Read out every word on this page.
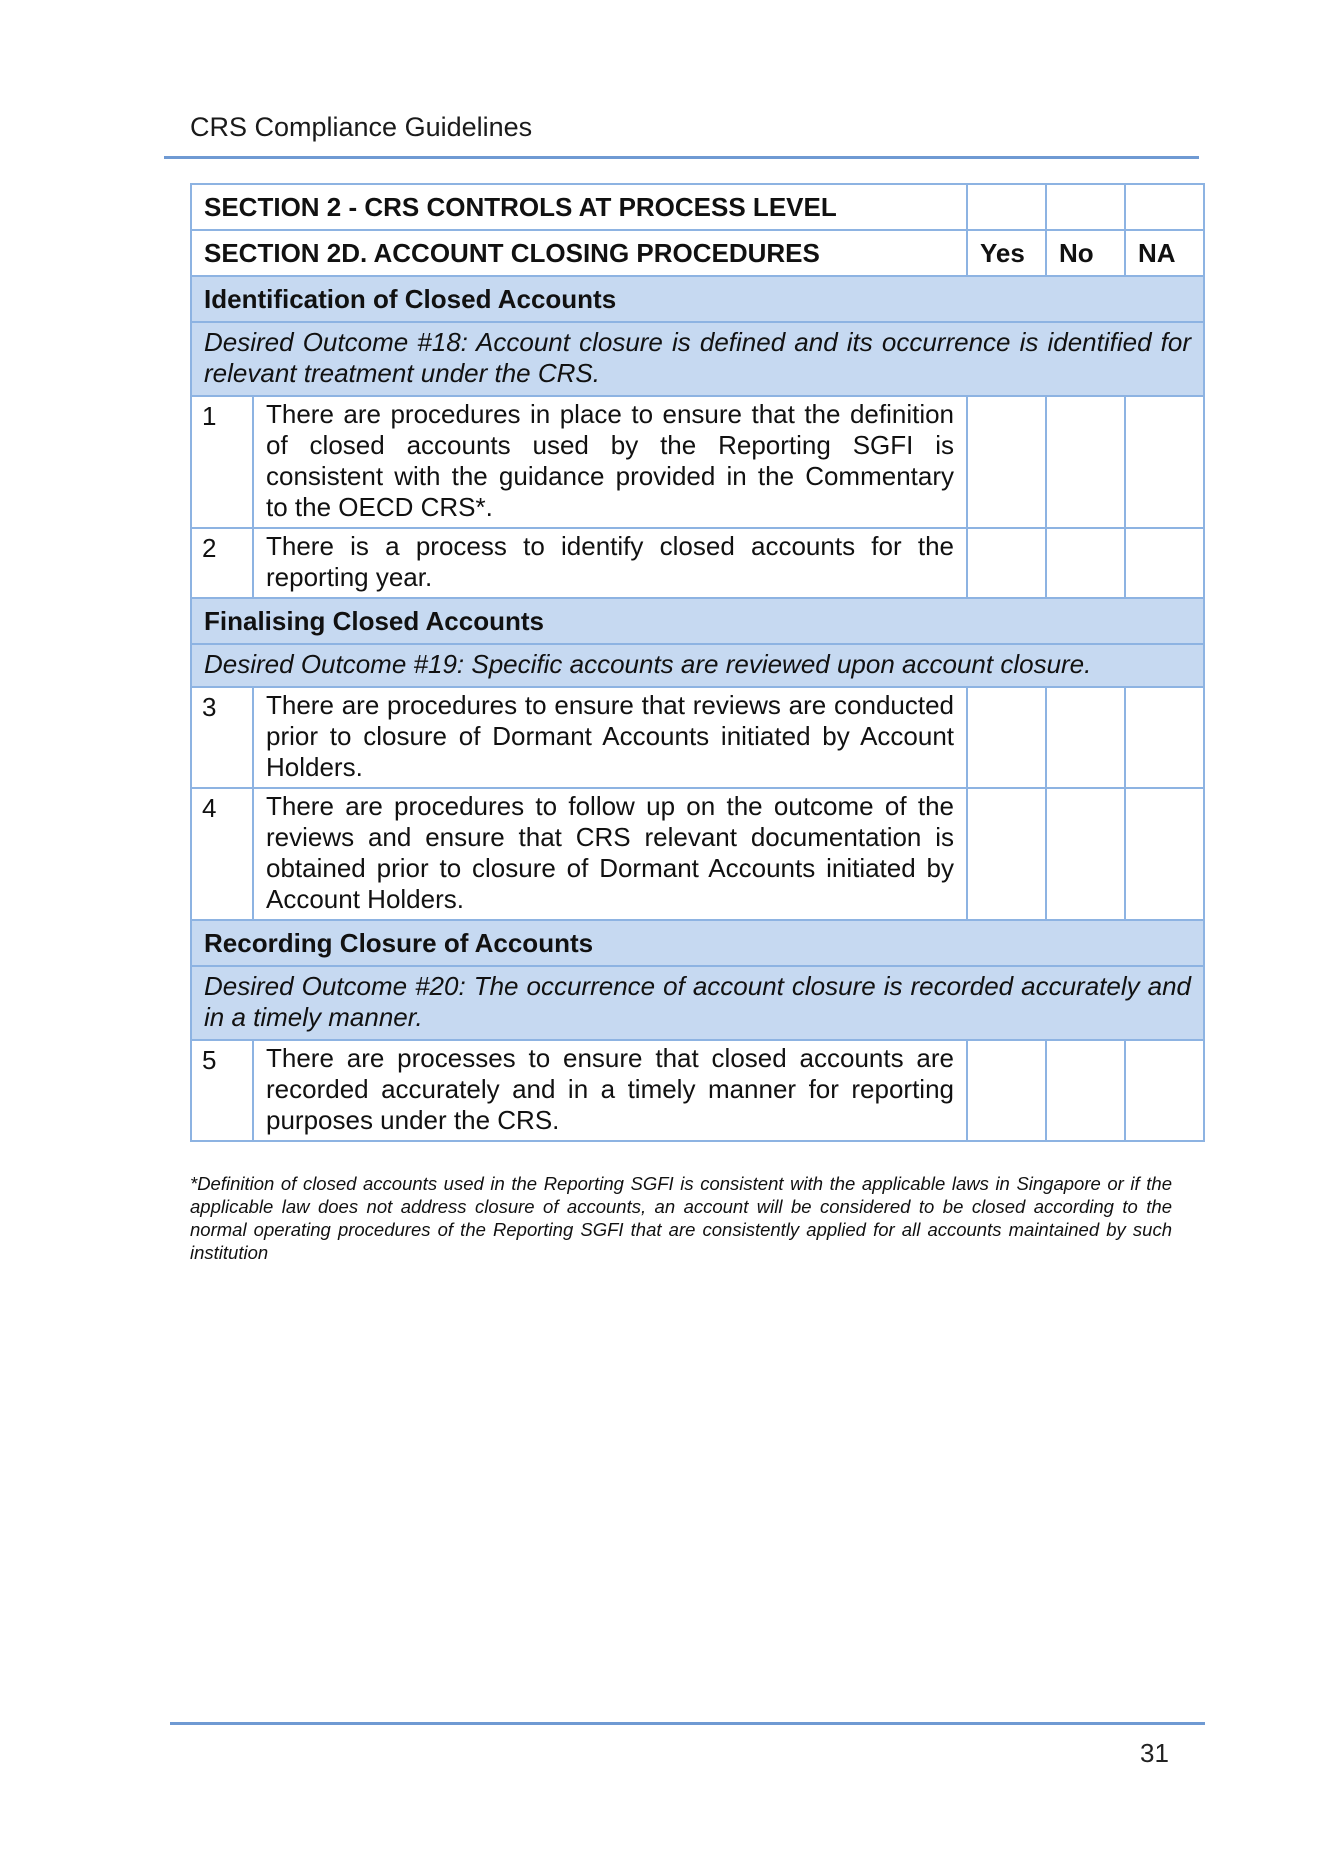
CRS Compliance Guidelines
SECTION 2 - CRS CONTROLS AT PROCESS LEVEL				
SECTION 2D. ACCOUNT CLOSING PROCEDURES		Yes	No	NA
Identification of Closed Accounts				
Desired Outcome #18: Account closure is defined and its occurrence is identified for relevant treatment under the CRS.				
1	There are procedures in place to ensure that the definition of closed accounts used by the Reporting SGFI is consistent with the guidance provided in the Commentary to the OECD CRS*.			
2	There is a process to identify closed accounts for the reporting year.			
Finalising Closed Accounts				
Desired Outcome #19: Specific accounts are reviewed upon account closure.				
3	There are procedures to ensure that reviews are conducted prior to closure of Dormant Accounts initiated by Account Holders.			
4	There are procedures to follow up on the outcome of the reviews and ensure that CRS relevant documentation is obtained prior to closure of Dormant Accounts initiated by Account Holders.			
Recording Closure of Accounts				
Desired Outcome #20: The occurrence of account closure is recorded accurately and in a timely manner.				
5	There are processes to ensure that closed accounts are recorded accurately and in a timely manner for reporting purposes under the CRS.			
*Definition of closed accounts used in the Reporting SGFI is consistent with the applicable laws in Singapore or if the applicable law does not address closure of accounts, an account will be considered to be closed according to the normal operating procedures of the Reporting SGFI that are consistently applied for all accounts maintained by such institution
31
